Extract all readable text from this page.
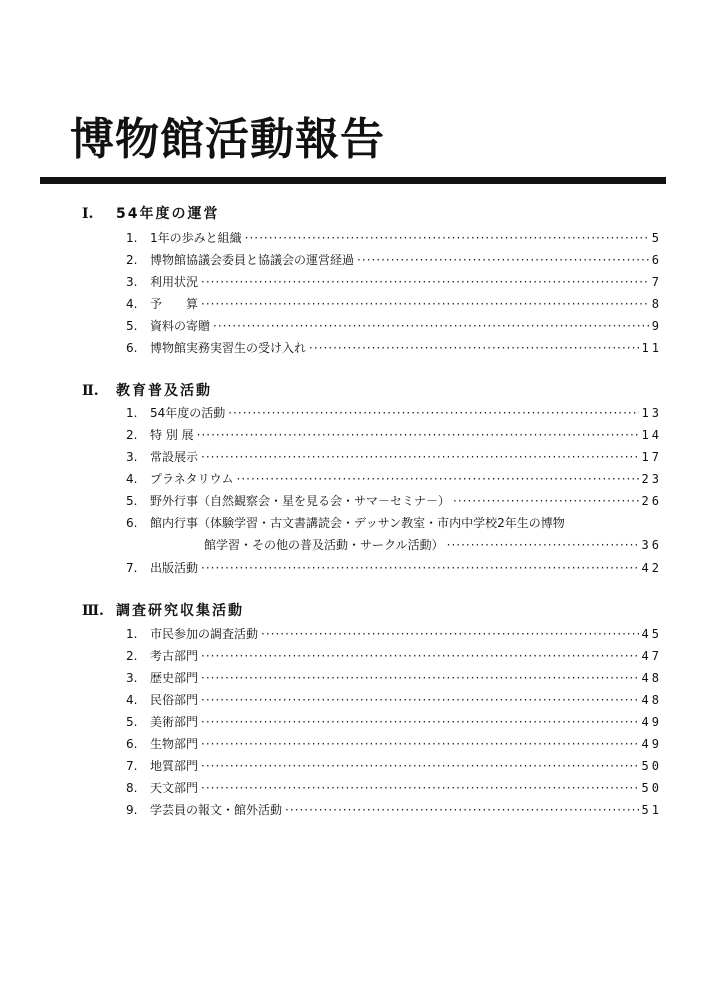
博物館活動報告
Ⅰ. 54年度の運営
1.	1年の歩みと組織 ·····	5
2.	博物館協議会委員と協議会の運営経過 ·····	6
3.	利用状況 ·····	7
4.	予　　算 ·····	8
5.	資料の寄贈 ·····	9
6.	博物館実務実習生の受け入れ ·····	11
Ⅱ. 教育普及活動
1.	54年度の活動 ·····	13
2.	特 別 展 ·····	14
3.	常設展示 ·····	17
4.	プラネタリウム ·····	23
5.	野外行事（自然観察会・星を見る会・サマ－セミナ－） ·····	26
6.	館内行事（体験学習・古文書講読会・デッサン教室・市内中学校2年生の博物
館学習・その他の普及活動・サークル活動） ·····	36
7.	出版活動 ·····	42
Ⅲ. 調査研究収集活動
1.	市民参加の調査活動 ·····	45
2.	考古部門 ·····	47
3.	歴史部門 ·····	48
4.	民俗部門 ·····	48
5.	美術部門 ·····	49
6.	生物部門 ·····	49
7.	地質部門 ·····	50
8.	天文部門 ·····	50
9.	学芸員の報文・館外活動 ·····	51
